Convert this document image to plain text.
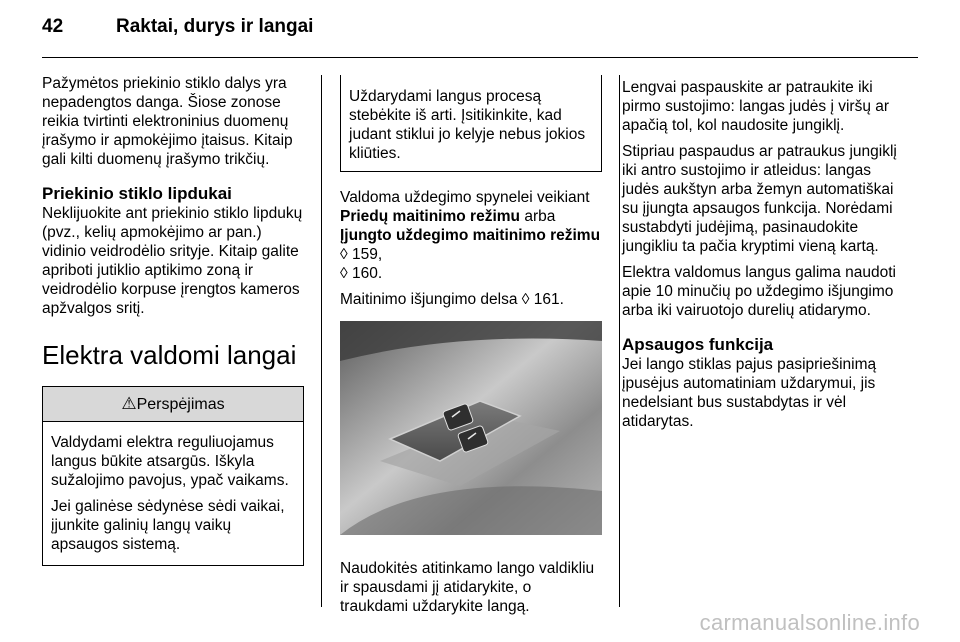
42	Raktai, durys ir langai

Pažymėtos priekinio stiklo dalys yra nepadengtos danga. Šiose zonose reikia tvirtinti elektroninius duomenų įrašymo ir apmokėjimo įtaisus. Kitaip gali kilti duomenų įrašymo trikčių.

Priekinio stiklo lipdukai

Neklijuokite ant priekinio stiklo lipdukų (pvz., kelių apmokėjimo ar pan.) vidinio veidrodėlio srityje. Kitaip galite apriboti jutiklio aptikimo zoną ir veidrodėlio korpuse įrengtos kameros apžvalgos sritį.

Elektra valdomi langai
⚠Perspėjimas

Valdydami elektra reguliuojamus langus būkite atsargūs. Iškyla sužalojimo pavojus, ypač vaikams.

Jei galinėse sėdynėse sėdi vaikai, įjunkite galinių langų vaikų apsaugos sistemą.

Uždarydami langus procesą stebėkite iš arti. Įsitikinkite, kad judant stiklui jo kelyje nebus jokios kliūties.

Valdoma uždegimo spynelei veikiant Priedų maitinimo režimu arba Įjungto uždegimo maitinimo režimu ◊ 159,
◊ 160.

Maitinimo išjungimo delsa ◊ 161.

Naudokitės atitinkamo lango valdikliu ir spausdami jį atidarykite, o traukdami uždarykite langą.

Lengvai paspauskite ar patraukite iki pirmo sustojimo: langas judės į viršų ar apačią tol, kol naudosite jungiklį.

Stipriau paspaudus ar patraukus jungiklį iki antro sustojimo ir atleidus: langas judės aukštyn arba žemyn automatiškai su įjungta apsaugos funkcija. Norėdami sustabdyti judėjimą, pasinaudokite jungikliu ta pačia kryptimi vieną kartą.

Elektra valdomus langus galima naudoti apie 10 minučių po uždegimo išjungimo arba iki vairuotojo durelių atidarymo.

Apsaugos funkcija

Jei lango stiklas pajus pasipriešinimą įpusėjus automatiniam uždarymui, jis nedelsiant bus sustabdytas ir vėl atidarytas.

carmanualsonline.info
